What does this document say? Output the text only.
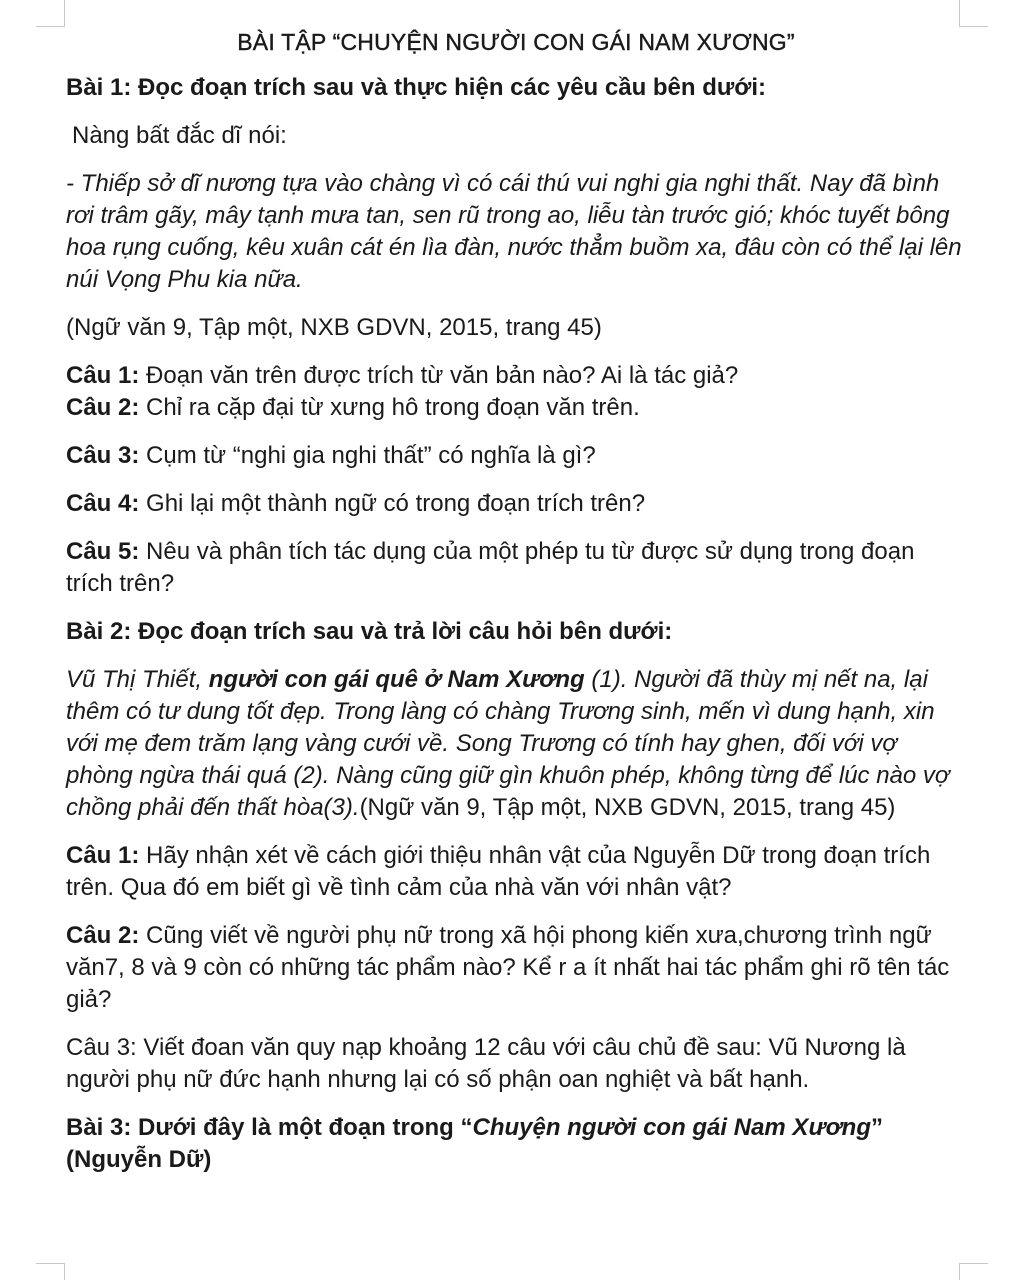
BÀI TẬP “CHUYỆN NGƯỜI CON GÁI NAM XƯƠNG”

Bài 1: Đọc đoạn trích sau và thực hiện các yêu cầu bên dưới:

Nàng bất đắc dĩ nói:

- Thiếp sở dĩ nương tựa vào chàng vì có cái thú vui nghi gia nghi thất. Nay đã bình rơi trâm gãy, mây tạnh mưa tan, sen rũ trong ao, liễu tàn trước gió; khóc tuyết bông hoa rụng cuống, kêu xuân cát én lìa đàn, nước thẳm buồm xa, đâu còn có thể lại lên núi Vọng Phu kia nữa.

(Ngữ văn 9, Tập một, NXB GDVN, 2015, trang 45)

Câu 1: Đoạn văn trên được trích từ văn bản nào? Ai là tác giả?

Câu 2: Chỉ ra cặp đại từ xưng hô trong đoạn văn trên.

Câu 3: Cụm từ “nghi gia nghi thất” có nghĩa là gì?

Câu 4: Ghi lại một thành ngữ có trong đoạn trích trên?

Câu 5: Nêu và phân tích tác dụng của một phép tu từ được sử dụng trong đoạn trích trên?

Bài 2: Đọc đoạn trích sau và trả lời câu hỏi bên dưới:

Vũ Thị Thiết, người con gái quê ở Nam Xương (1). Người đã thùy mị nết na, lại thêm có tư dung tốt đẹp. Trong làng có chàng Trương sinh, mến vì dung hạnh, xin với mẹ đem trăm lạng vàng cưới về. Song Trương có tính hay ghen, đối với vợ phòng ngừa thái quá (2). Nàng cũng giữ gìn khuôn phép, không từng để lúc nào vợ chồng phải đến thất hòa(3).(Ngữ văn 9, Tập một, NXB GDVN, 2015, trang 45)

Câu 1: Hãy nhận xét về cách giới thiệu nhân vật của Nguyễn Dữ trong đoạn trích trên. Qua đó em biết gì về tình cảm của nhà văn với nhân vật?

Câu 2: Cũng viết về người phụ nữ trong xã hội phong kiến xưa,chương trình ngữ văn7, 8 và 9 còn có những tác phẩm nào? Kể r a ít nhất hai tác phẩm ghi rõ tên tác giả?

Câu 3: Viết đoan văn quy nạp khoảng 12 câu với câu chủ đề sau: Vũ Nương là người phụ nữ đức hạnh nhưng lại có số phận oan nghiệt và bất hạnh.

Bài 3: Dưới đây là một đoạn trong “Chuyện người con gái Nam Xương” (Nguyễn Dữ)
